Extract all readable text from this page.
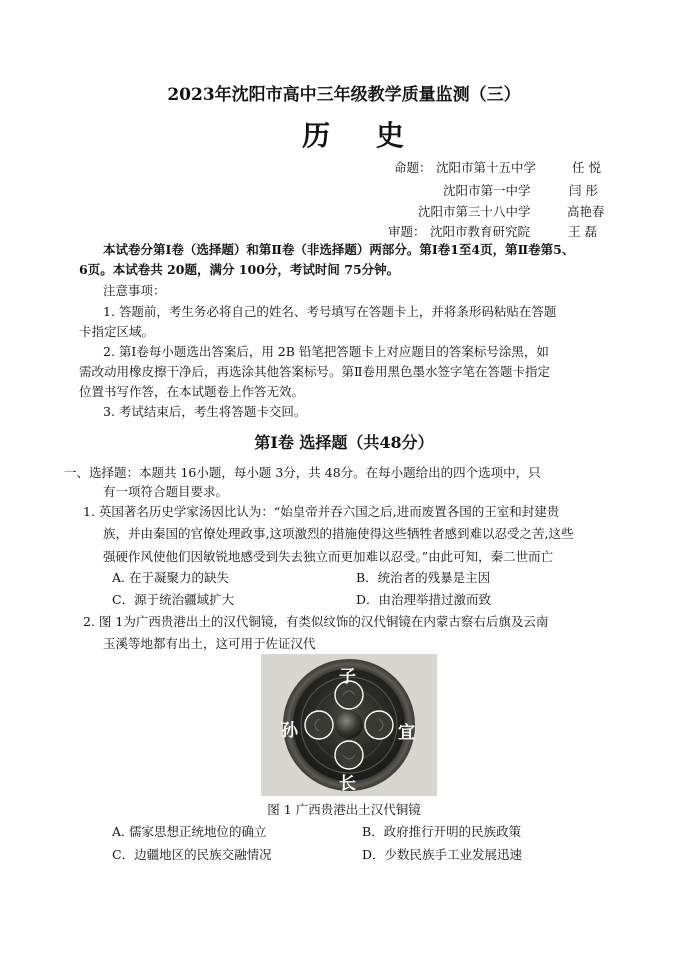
2023年沈阳市高中三年级教学质量监测（三）
历 史
命题： 沈阳市第十五中学	任 悦
沈阳市第一中学	闫 彤
沈阳市第三十八中学	高艳春
审题： 沈阳市教育研究院	王 磊
本试卷分第Ⅰ卷（选择题）和第Ⅱ卷（非选择题）两部分。第Ⅰ卷1至4页，第Ⅱ卷第5、
6页。本试卷共 20题，满分 100分，考试时间 75分钟。
注意事项：
1. 答题前，考生务必将自己的姓名、考号填写在答题卡上，并将条形码粘贴在答题
卡指定区域。
2. 第Ⅰ卷每小题选出答案后，用 2B 铅笔把答题卡上对应题目的答案标号涂黑，如
需改动用橡皮擦干净后，再选涂其他答案标号。第Ⅱ卷用黑色墨水签字笔在答题卡指定
位置书写作答，在本试题卷上作答无效。
3. 考试结束后，考生将答题卡交回。
第Ⅰ卷 选择题（共48分）
一、选择题：本题共 16小题，每小题 3分，共 48分。在每小题给出的四个选项中，只
有一项符合题目要求。
1. 英国著名历史学家汤因比认为：“始皇帝并吞六国之后,进而废置各国的王室和封建贵
族，并由秦国的官僚处理政事,这项激烈的措施使得这些牺牲者感到难以忍受之苦,这些
强硬作风使他们因敏锐地感受到失去独立而更加难以忍受。”由此可知，秦二世而亡
A. 在于凝聚力的缺失	B．统治者的残暴是主因
C．源于统治疆域扩大	D．由治理举措过激而致
2. 图 1为广西贵港出土的汉代铜镜，有类似纹饰的汉代铜镜在内蒙古察右后旗及云南
玉溪等地都有出土，这可用于佐证汉代
子
孙	宜
长
图 1 广西贵港出土汉代铜镜
A. 儒家思想正统地位的确立	B．政府推行开明的民族政策
C．边疆地区的民族交融情况	D．少数民族手工业发展迅速
